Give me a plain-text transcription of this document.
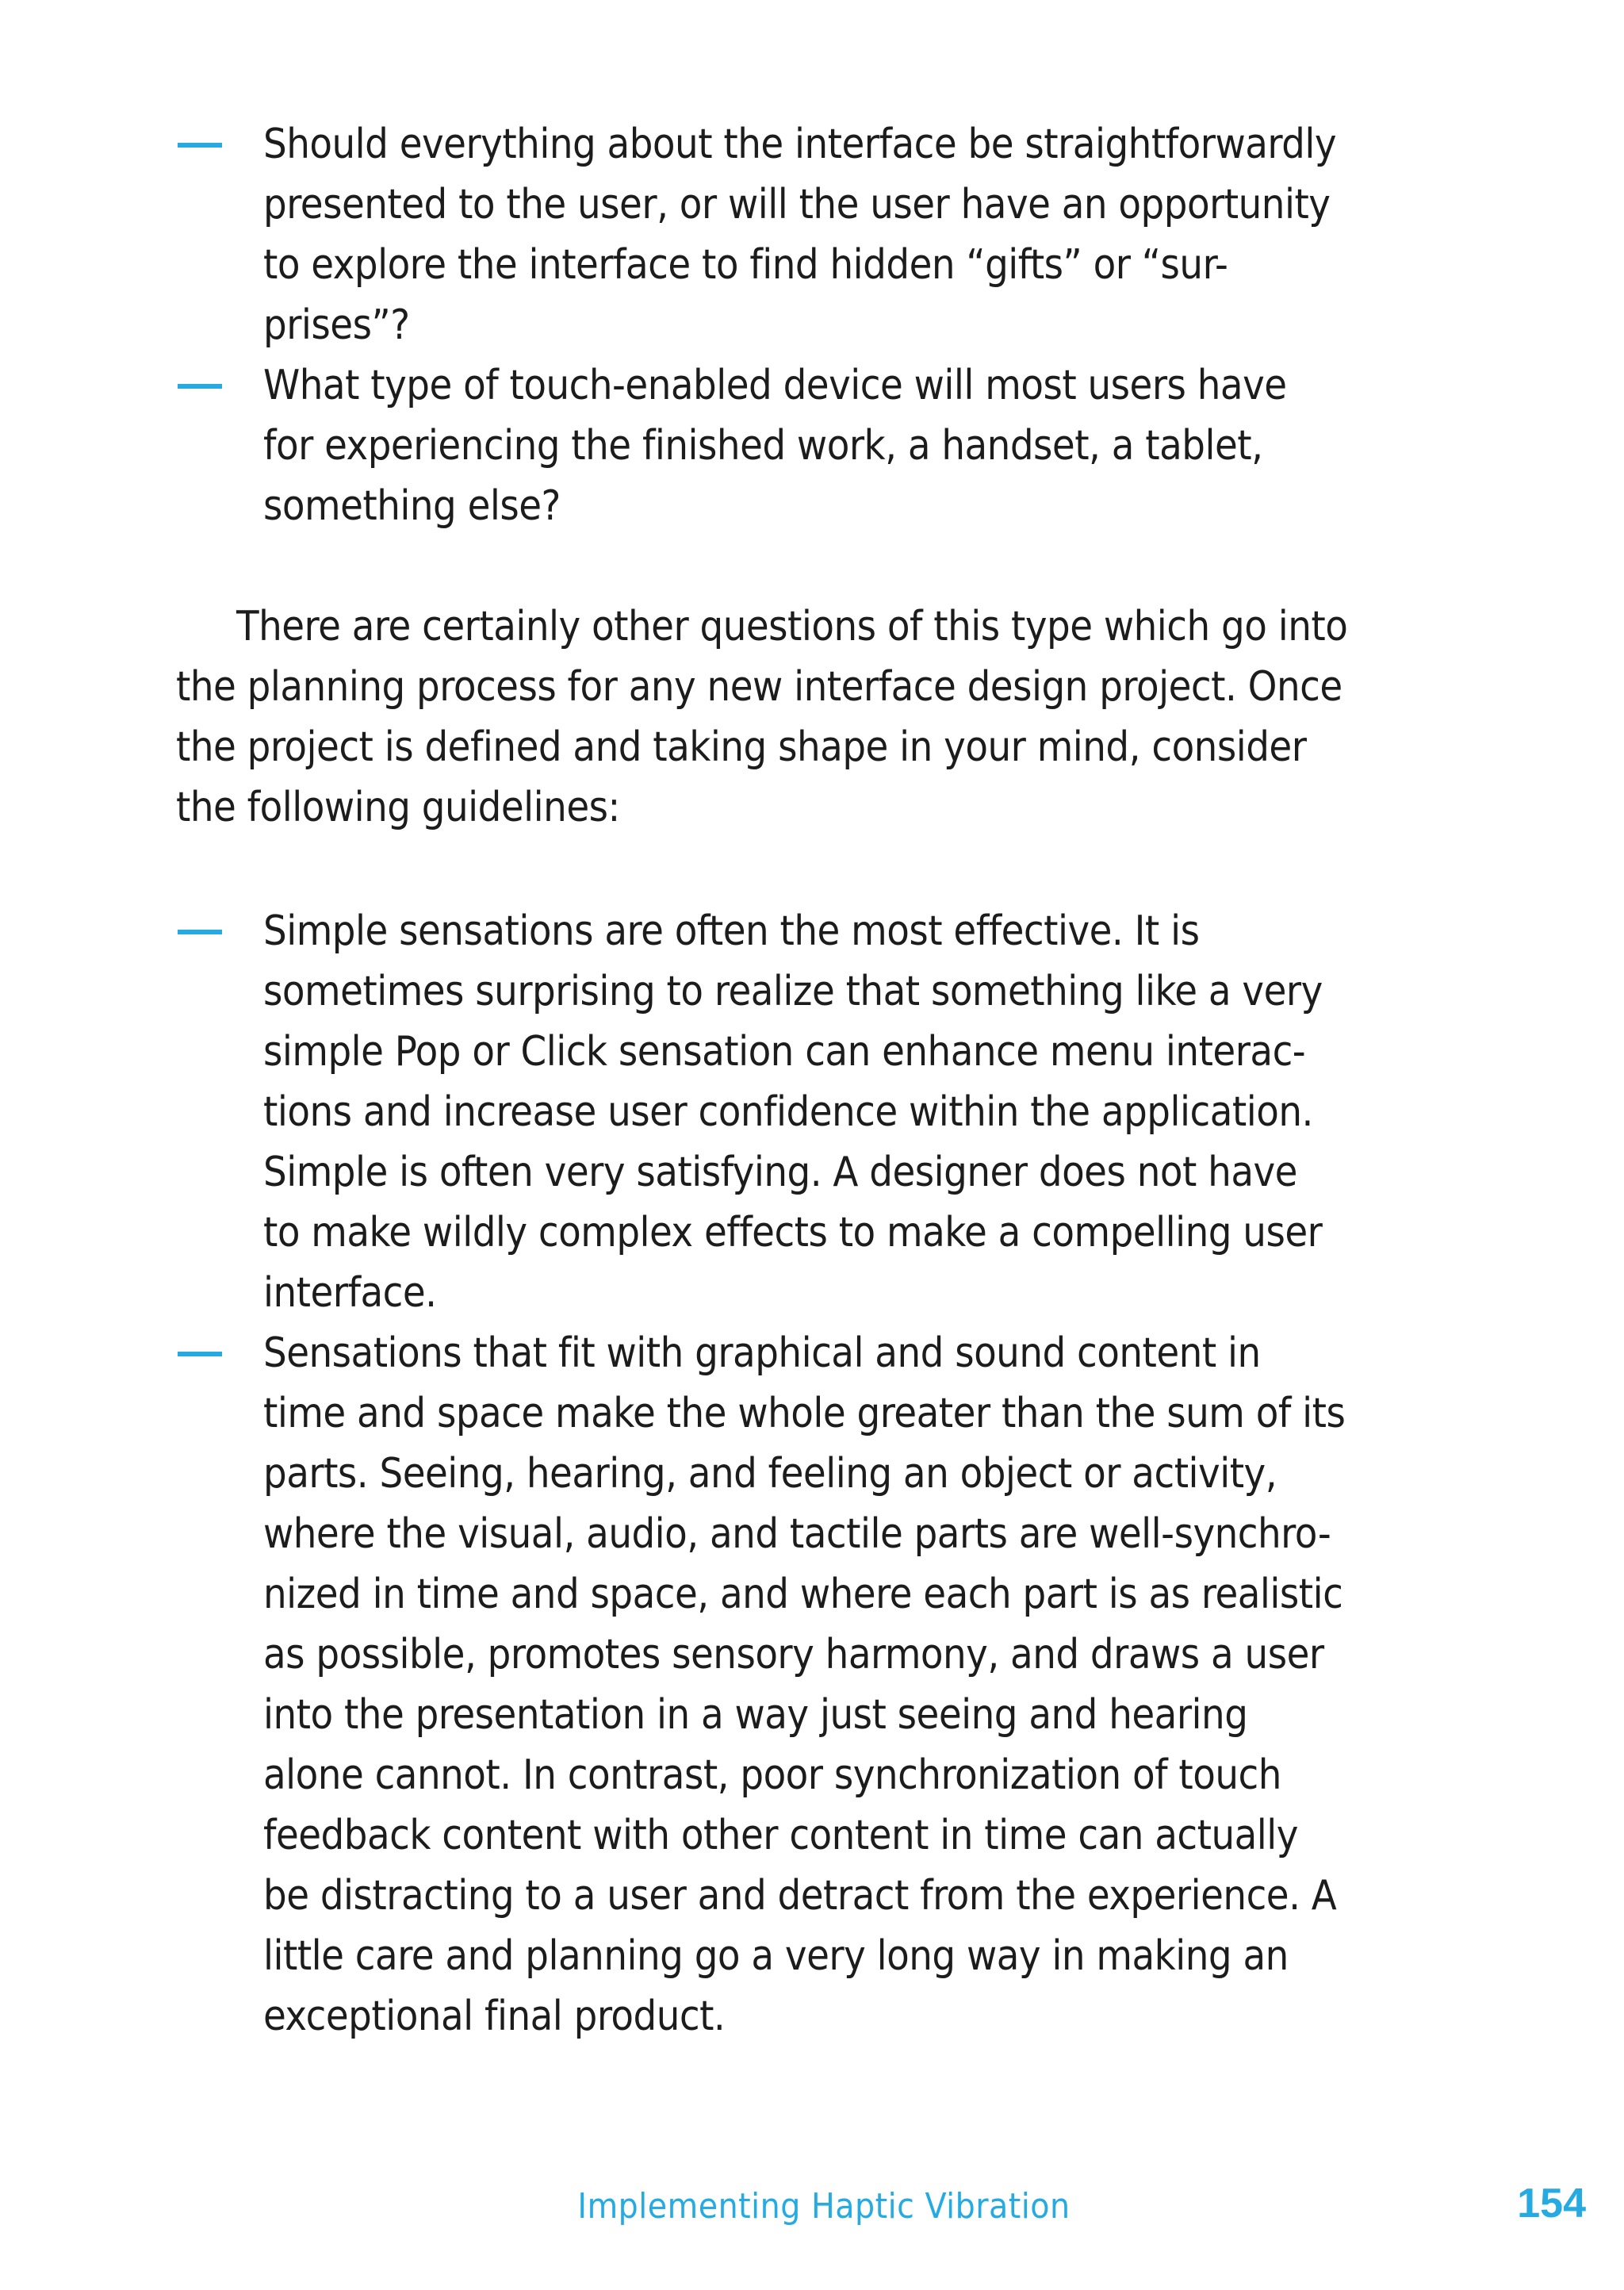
Should everything about the interface be straightforwardly
presented to the user, or will the user have an opportunity
to explore the interface to find hidden “gifts” or “sur-
prises”?
What type of touch-enabled device will most users have
for experiencing the finished work, a handset, a tablet,
something else?
There are certainly other questions of this type which go into
the planning process for any new interface design project. Once
the project is defined and taking shape in your mind, consider
the following guidelines:
Simple sensations are often the most effective. It is
sometimes surprising to realize that something like a very
simple Pop or Click sensation can enhance menu interac-
tions and increase user confidence within the application.
Simple is often very satisfying. A designer does not have
to make wildly complex effects to make a compelling user
interface.
Sensations that fit with graphical and sound content in
time and space make the whole greater than the sum of its
parts. Seeing, hearing, and feeling an object or activity,
where the visual, audio, and tactile parts are well-synchro-
nized in time and space, and where each part is as realistic
as possible, promotes sensory harmony, and draws a user
into the presentation in a way just seeing and hearing
alone cannot. In contrast, poor synchronization of touch
feedback content with other content in time can actually
be distracting to a user and detract from the experience. A
little care and planning go a very long way in making an
exceptional final product.
Implementing Haptic Vibration	154
